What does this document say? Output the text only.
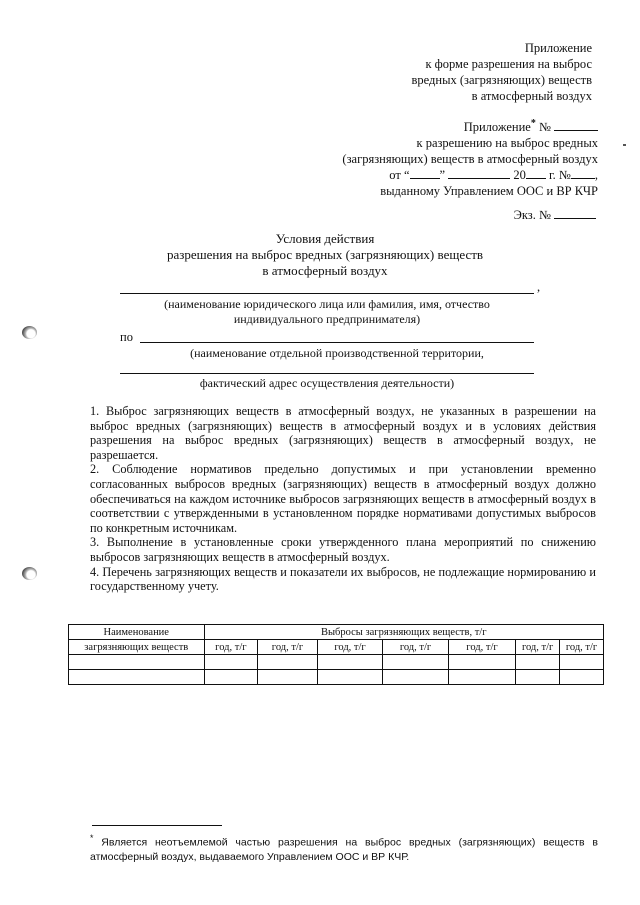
Приложение
к форме разрешения на выброс
вредных (загрязняющих) веществ
в атмосферный воздух
Приложение* №
к разрешению на выброс вредных
(загрязняющих) веществ в атмосферный воздух
от “ ”	20 г. № ,
выданному Управлением ООС и ВР КЧР
Экз. №
Условия действия
разрешения на выброс вредных (загрязняющих) веществ
в атмосферный воздух
,
(наименование юридического лица или фамилия, имя, отчество
индивидуального предпринимателя)
по
(наименование отдельной производственной территории,
фактический адрес осуществления деятельности)

1. Выброс загрязняющих веществ в атмосферный воздух, не указанных в разрешении на выброс вредных (загрязняющих) веществ в атмосферный воздух и в условиях действия разрешения на выброс вредных (загрязняющих) веществ в атмосферный воздух, не разрешается.

2. Соблюдение нормативов предельно допустимых и при установлении временно согласованных выбросов вредных (загрязняющих) веществ в атмосферный воздух должно обеспечиваться на каждом источнике выбросов загрязняющих веществ в атмосферный воздух в соответствии с утвержденными в установленном порядке нормативами допустимых выбросов по конкретным источникам.

3. Выполнение в установленные сроки утвержденного плана мероприятий по снижению выбросов загрязняющих веществ в атмосферный воздух.

4. Перечень загрязняющих веществ и показатели их выбросов, не подлежащие нормированию и государственному учету.

Наименование	Выбросы загрязняющих веществ, т/г						
загрязняющих веществ	год, т/г	год, т/г	год, т/г	год, т/г	год, т/г	год, т/г	год, т/г

* Является неотъемлемой частью разрешения на выброс вредных (загрязняющих) веществ в атмосферный воздух, выдаваемого Управлением ООС и ВР КЧР.
